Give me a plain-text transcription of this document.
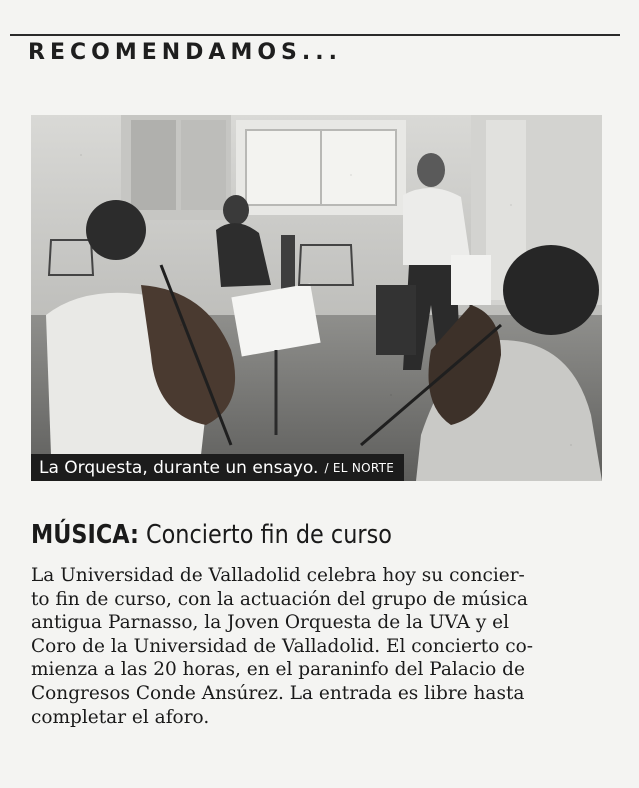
RECOMENDAMOS...
La Orquesta, durante un ensayo. / EL NORTE
MÚSICA: Concierto fin de curso
La Universidad de Valladolid celebra hoy su concier-
to fin de curso, con la actuación del grupo de música
antigua Parnasso, la Joven Orquesta de la UVA y el
Coro de la Universidad de Valladolid. El concierto co-
mienza a las 20 horas, en el paraninfo del Palacio de
Congresos Conde Ansúrez. La entrada es libre hasta
completar el aforo.
